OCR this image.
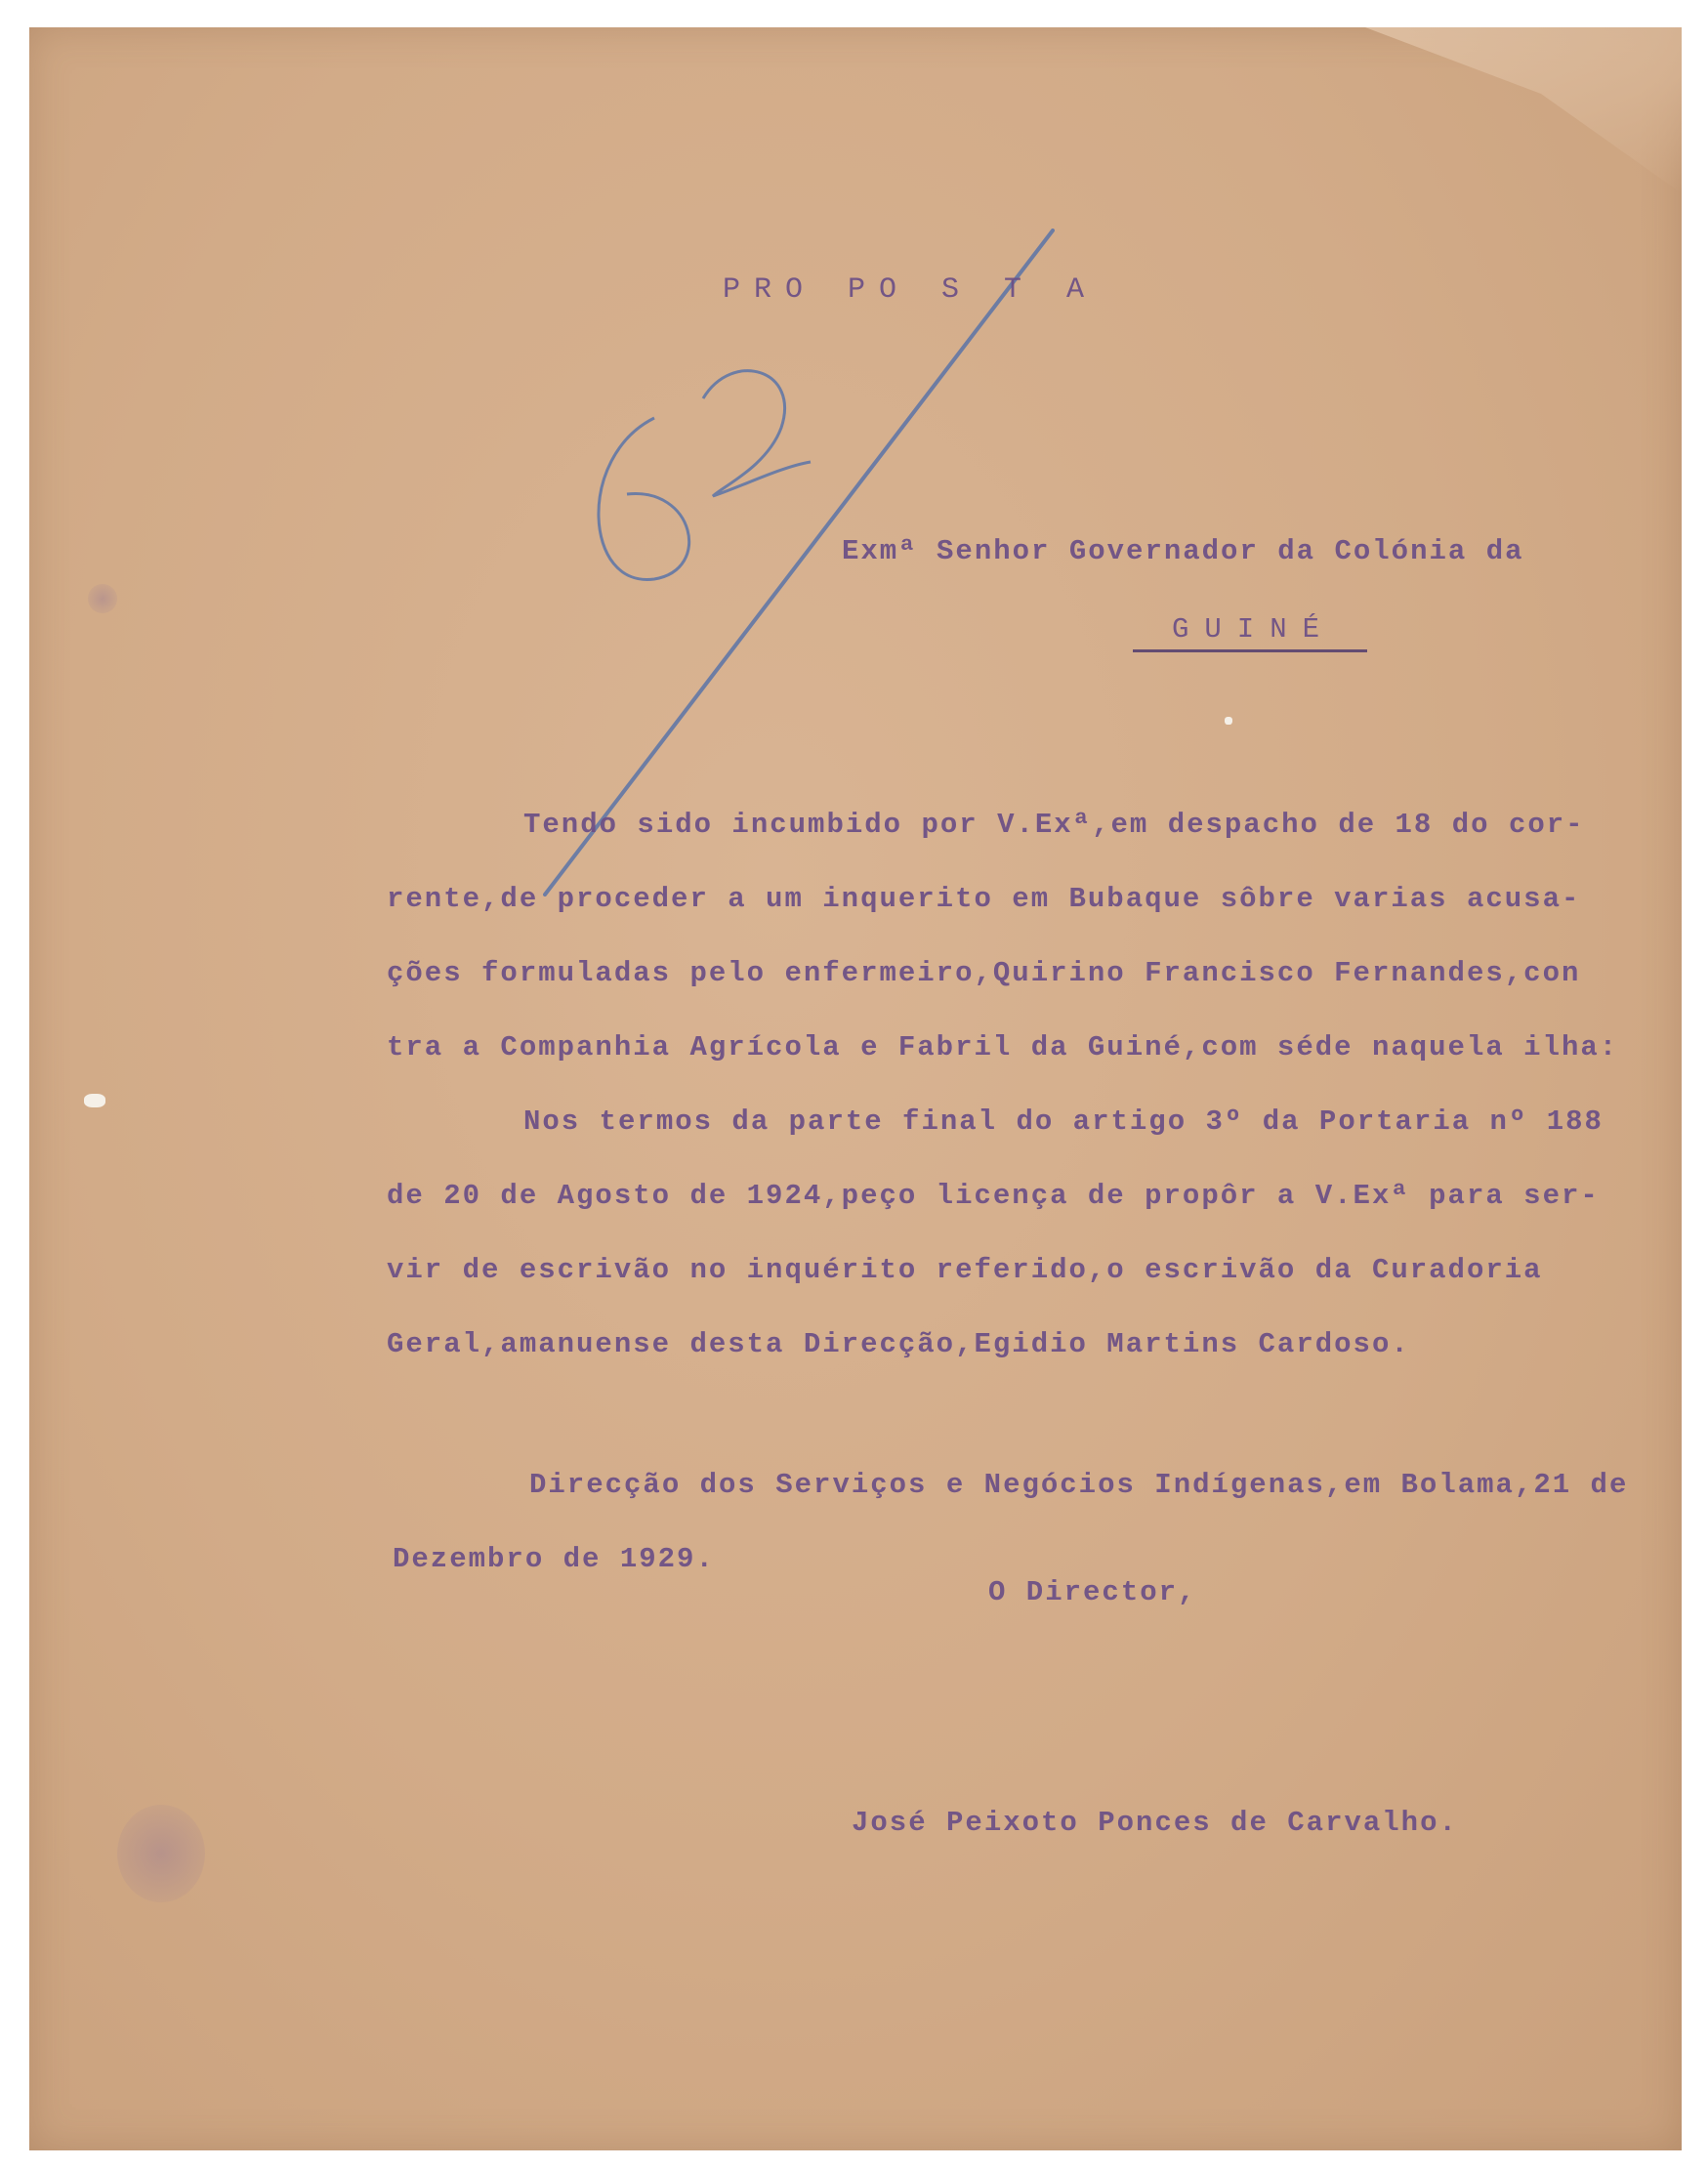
PRO PO S T A
Exmª Senhor Governador da Colónia da
GUINÉ
Tendo sido incumbido por V.Exª,em despacho de 18 do cor-
rente,de proceder a um inquerito em Bubaque sôbre varias acusa-
ções formuladas pelo enfermeiro,Quirino Francisco Fernandes,con
tra a Companhia Agrícola e Fabril da Guiné,com séde naquela ilha:
Nos termos da parte final do artigo 3º da Portaria nº 188
de 20 de Agosto de 1924,peço licença de propôr a V.Exª para ser-
vir de escrivão no inquérito referido,o escrivão da Curadoria
Geral,amanuense desta Direcção,Egidio Martins Cardoso.
Direcção dos Serviços e Negócios Indígenas,em Bolama,21 de
Dezembro de 1929.
O Director,
José Peixoto Ponces de Carvalho.
